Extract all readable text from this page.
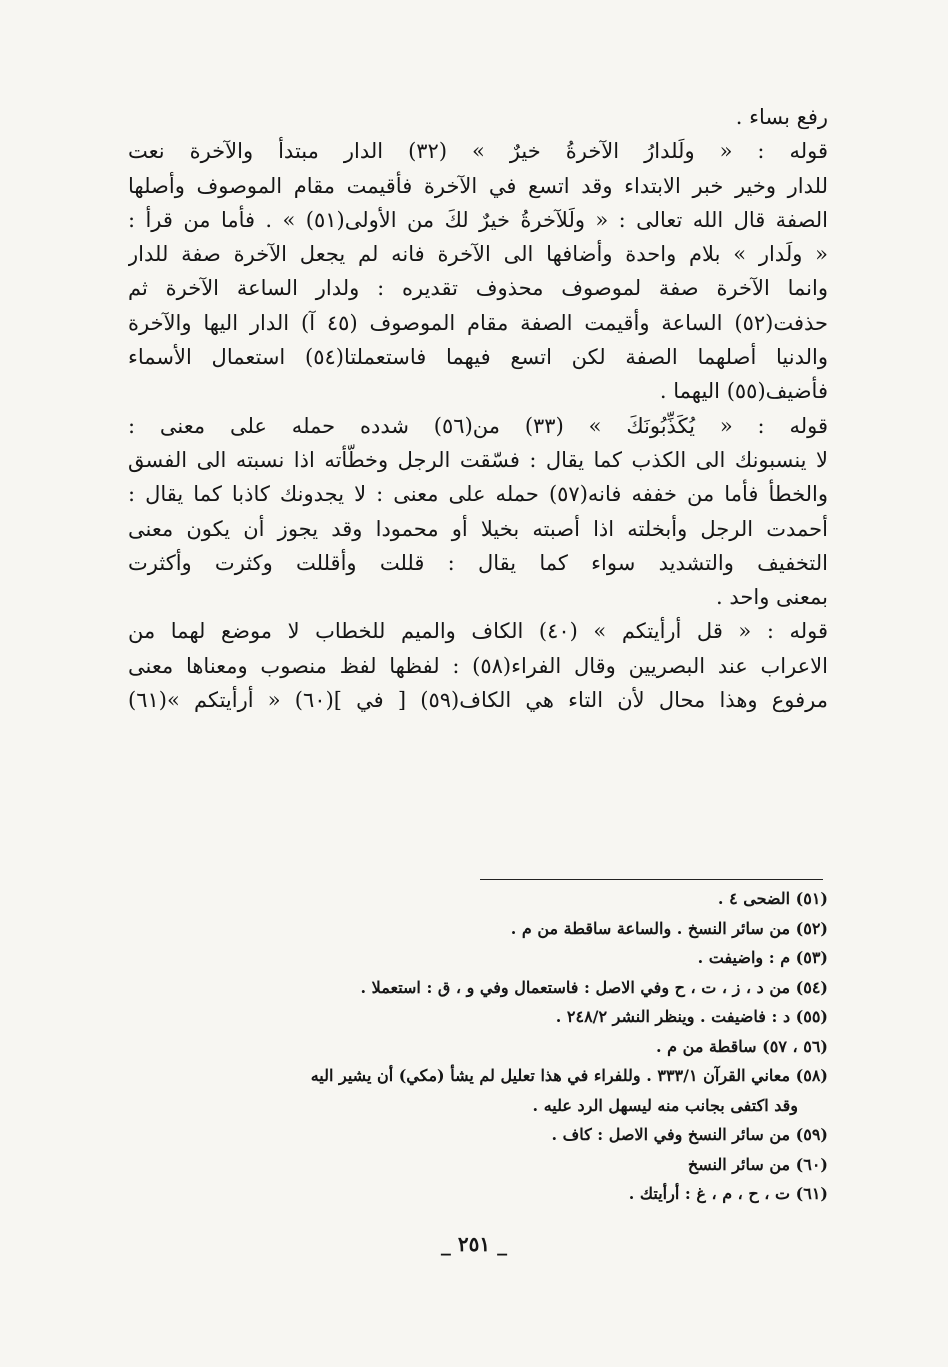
رفع بساء .
قوله : « ولَلدارُ الآخرةُ خيرٌ » (٣٢) الدار مبتدأ والآخرة نعت
للدار وخير خبر الابتداء وقد اتسع في الآخرة فأقيمت مقام الموصوف وأصلها
الصفة قال الله تعالى : « ولَلآخرةُ خيرٌ لكَ من الأولى(٥١) » . فأما من قرأ :
« ولَدار » بلام واحدة وأضافها الى الآخرة فانه لم يجعل الآخرة صفة للدار
وانما الآخرة صفة لموصوف محذوف تقديره : ولدار الساعة الآخرة ثم
حذفت(٥٢) الساعة وأقيمت الصفة مقام الموصوف (٤٥ آ) الدار اليها والآخرة
والدنيا أصلهما الصفة لكن اتسع فيهما فاستعملتا(٥٤) استعمال الأسماء
فأضيف(٥٥) اليهما .
قوله : « يُكَذِّبُونَكَ » (٣٣) من(٥٦) شدده حمله على معنى :
لا ينسبونك الى الكذب كما يقال : فسّقت الرجل وخطّأته اذا نسبته الى الفسق
والخطأ فأما من خففه فانه(٥٧) حمله على معنى : لا يجدونك كاذبا كما يقال :
أحمدت الرجل وأبخلته اذا أصبته بخيلا أو محمودا وقد يجوز أن يكون معنى
التخفيف والتشديد سواء كما يقال : قللت وأقللت وكثرت وأكثرت
بمعنى واحد .
قوله : « قل أرأيتكم » (٤٠) الكاف والميم للخطاب لا موضع لهما من
الاعراب عند البصريين وقال الفراء(٥٨) : لفظها لفظ منصوب ومعناها معنى
مرفوع وهذا محال لأن التاء هي الكاف(٥٩) [ في ](٦٠) « أرأيتكم »(٦١)
(٥١) الضحى ٤ .
(٥٢) من سائر النسخ . والساعة ساقطة من م .
(٥٣) م : واضيفت .
(٥٤) من د ، ز ، ت ، ح وفي الاصل : فاستعمال وفي و ، ق : استعملا .
(٥٥) د : فاضيفت . وينظر النشر ٢٤٨/٢ .
(٥٦ ، ٥٧) ساقطة من م .
(٥٨) معاني القرآن ٣٣٣/١ . وللفراء في هذا تعليل لم يشأ (مكي) أن يشير اليه
وقد اكتفى بجانب منه ليسهل الرد عليه .
(٥٩) من سائر النسخ وفي الاصل : كاف .
(٦٠) من سائر النسخ
(٦١) ت ، ح ، م ، غ : أرأيتك .
_ ٢٥١ _
